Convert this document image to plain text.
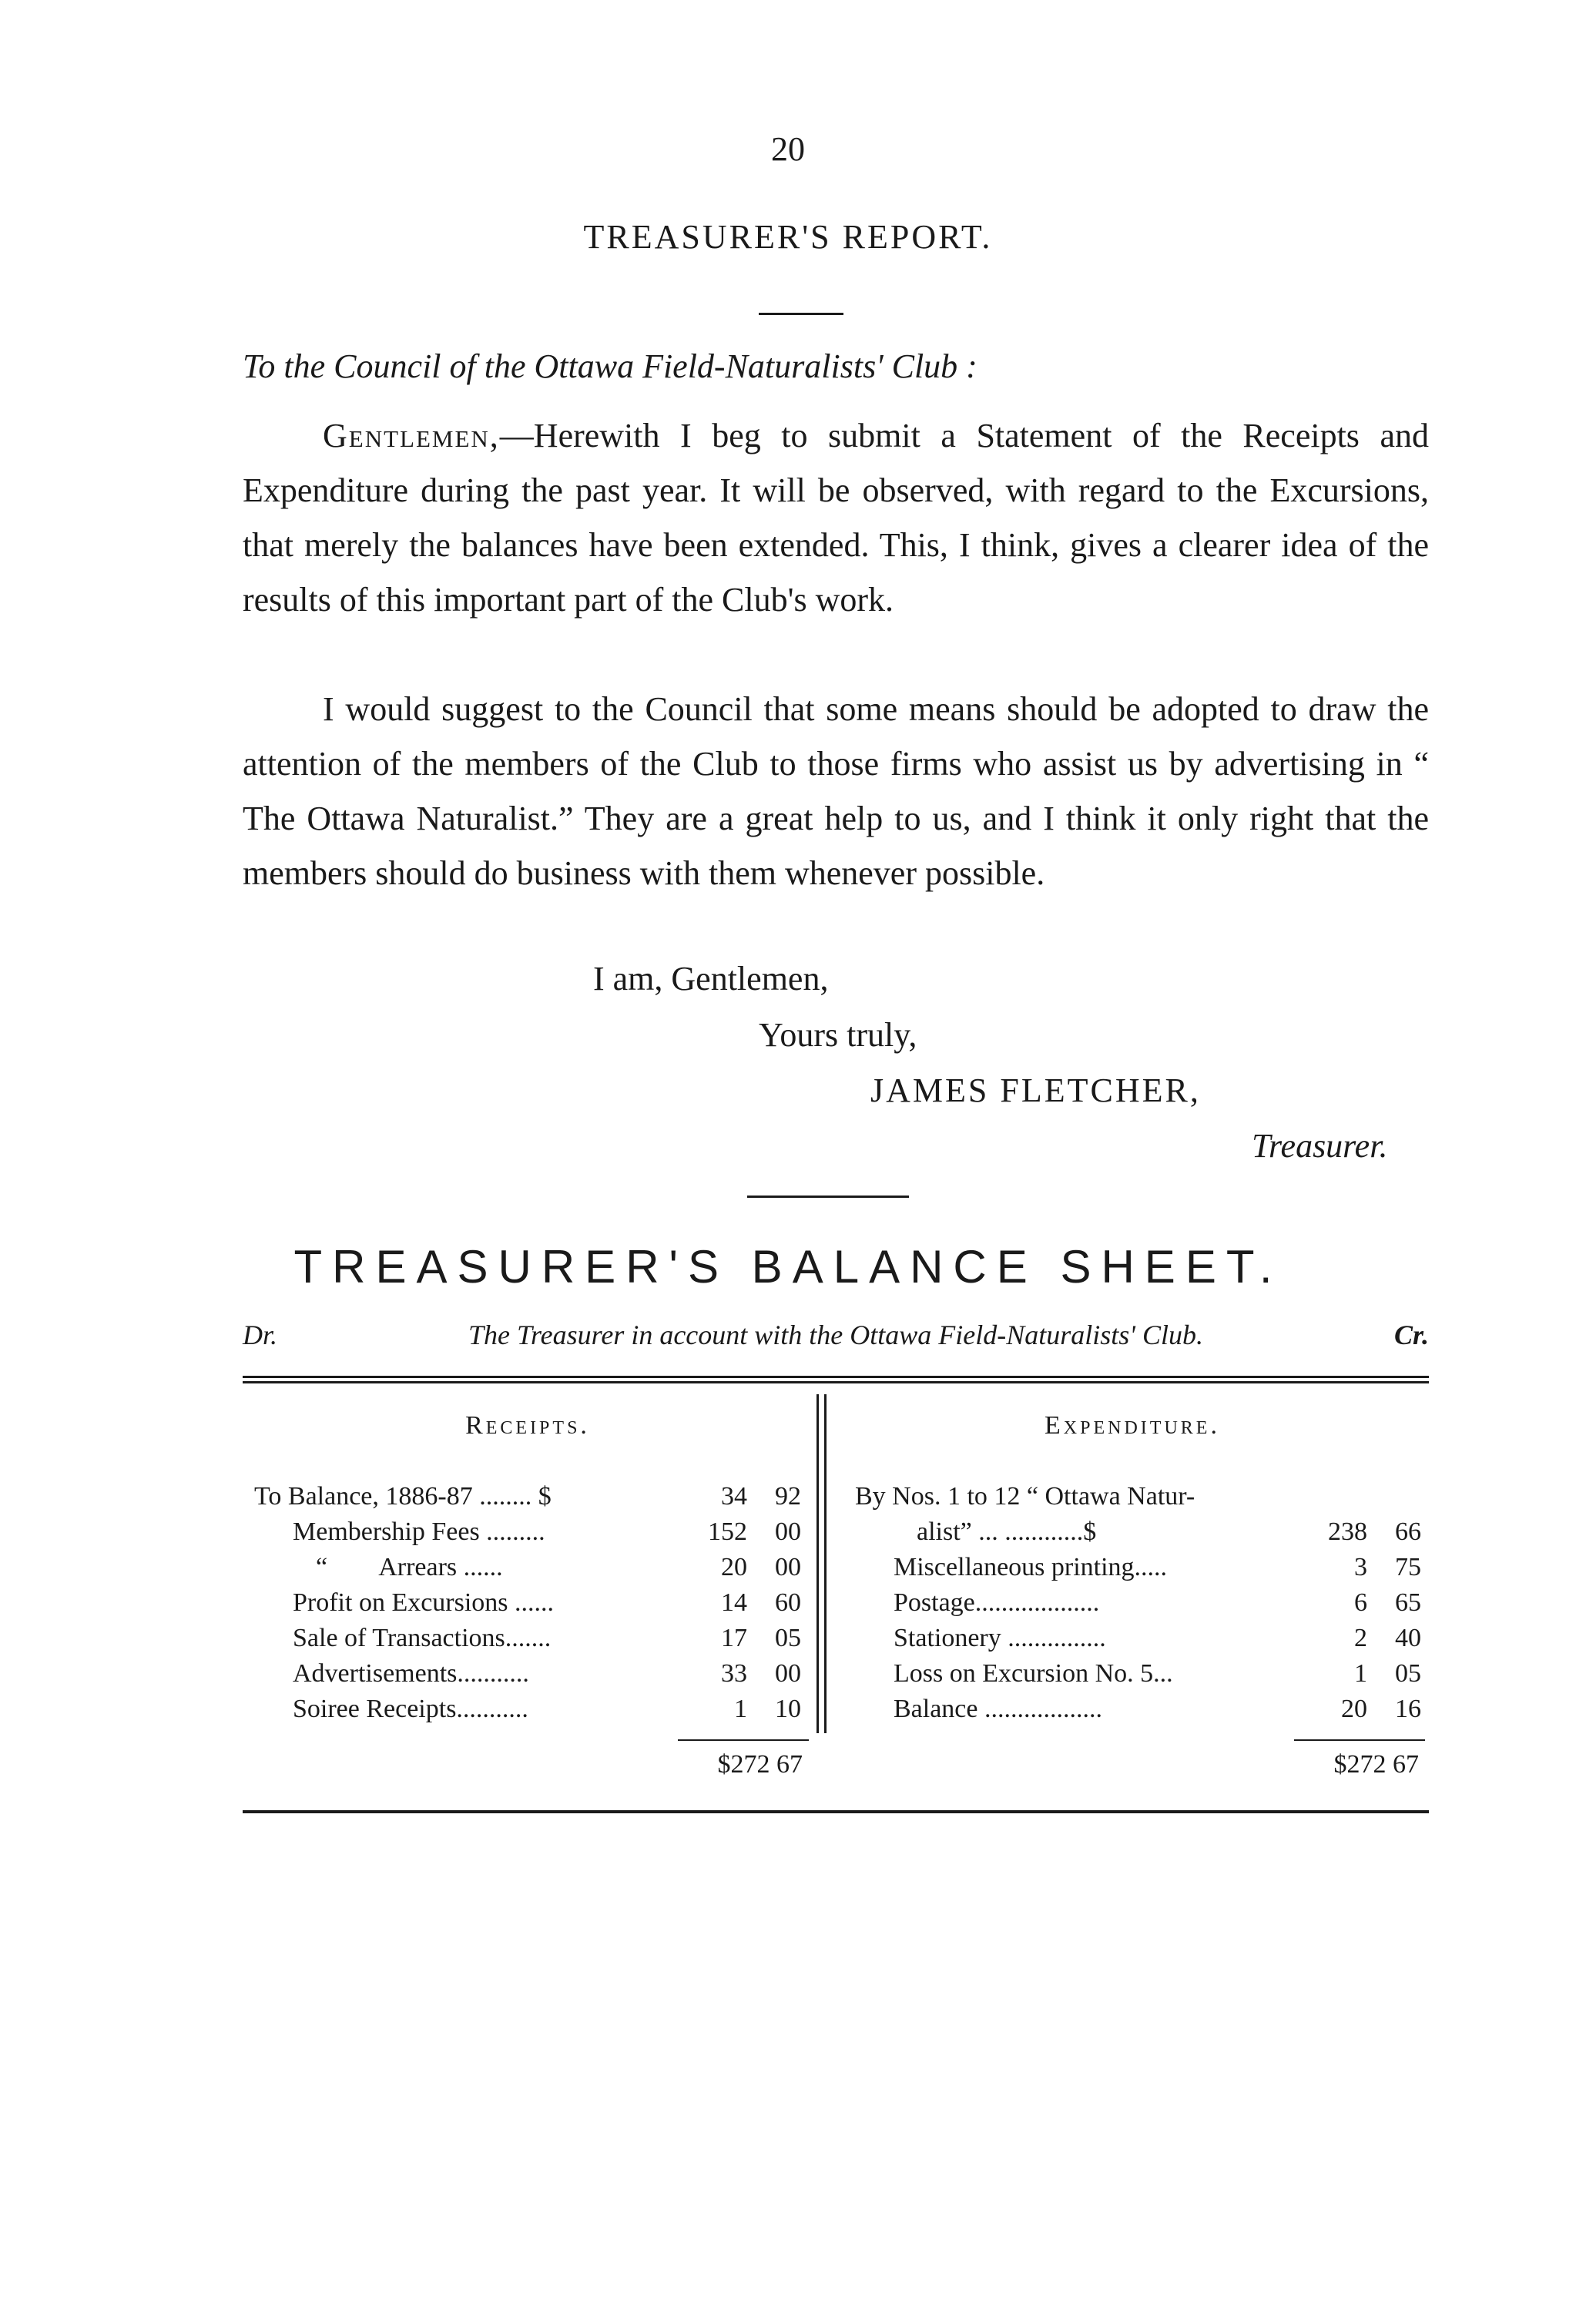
20
TREASURER'S REPORT.
To the Council of the Ottawa Field-Naturalists' Club :
Gentlemen,—Herewith I beg to submit a Statement of the Receipts and Expenditure during the past year. It will be observed, with regard to the Excursions, that merely the balances have been extended. This, I think, gives a clearer idea of the results of this important part of the Club's work.
I would suggest to the Council that some means should be adopted to draw the attention of the members of the Club to those firms who assist us by advertising in “ The Ottawa Naturalist.” They are a great help to us, and I think it only right that the members should do business with them whenever possible.
I am, Gentlemen,
Yours truly,
JAMES FLETCHER,
Treasurer.
TREASURER'S BALANCE SHEET.
Dr.	The Treasurer in account with the Ottawa Field-Naturalists' Club.	Cr.
Receipts.
To Balance, 1886-87 ........ $	34	92
Membership Fees .........	152	00
“        Arrears ......	20	00
Profit on Excursions ......	14	60
Sale of Transactions.......	17	05
Advertisements...........	33	00
Soiree Receipts...........	1	10
$272 67
Expenditure.
By Nos. 1 to 12 “ Ottawa Natur-
alist” ... ............$	238	66
Miscellaneous printing.....	3	75
Postage...................	6	65
Stationery ...............	2	40
Loss on Excursion No. 5...	1	05
Balance ..................	20	16
$272 67
